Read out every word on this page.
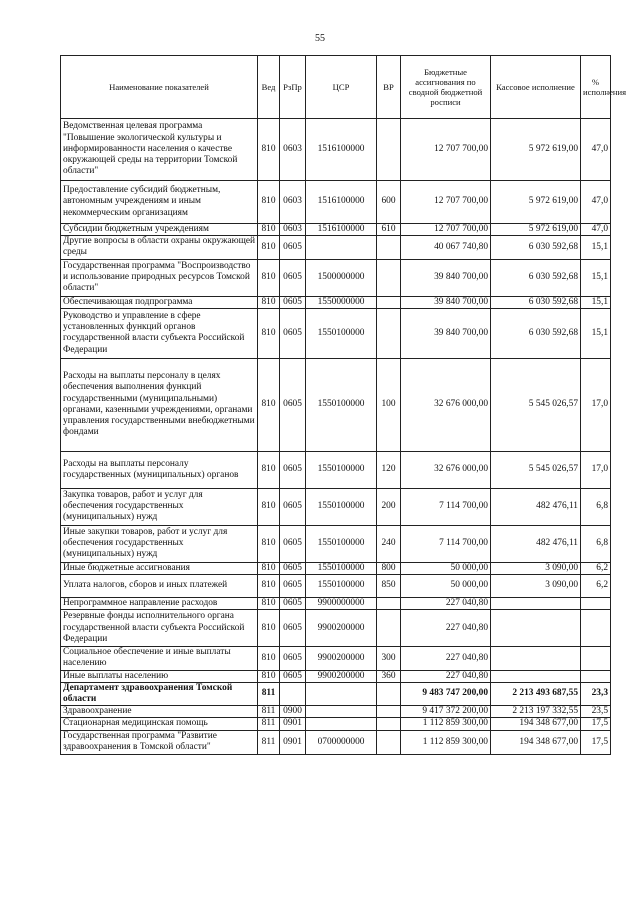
55
Наименование показателей	Вед	РзПр	ЦСР	ВР	Бюджетные ассигнования по сводной бюджетной росписи	Кассовое исполнение	% исполнения
Ведомственная целевая программа "Повышение экологической культуры и информированности населения о качестве окружающей среды на территории Томской области"	810	0603	1516100000		12 707 700,00	5 972 619,00	47,0
Предоставление субсидий бюджетным, автономным учреждениям и иным некоммерческим организациям	810	0603	1516100000	600	12 707 700,00	5 972 619,00	47,0
Субсидии бюджетным учреждениям	810	0603	1516100000	610	12 707 700,00	5 972 619,00	47,0
Другие вопросы в области охраны окружающей среды	810	0605			40 067 740,80	6 030 592,68	15,1
Государственная программа "Воспроизводство и использование природных ресурсов Томской области"	810	0605	1500000000		39 840 700,00	6 030 592,68	15,1
Обеспечивающая подпрограмма	810	0605	1550000000		39 840 700,00	6 030 592,68	15,1
Руководство и управление в сфере установленных функций органов государственной власти субъекта Российской Федерации	810	0605	1550100000		39 840 700,00	6 030 592,68	15,1
Расходы на выплаты персоналу в целях обеспечения выполнения функций государственными (муниципальными) органами, казенными учреждениями, органами управления государственными внебюджетными фондами	810	0605	1550100000	100	32 676 000,00	5 545 026,57	17,0
Расходы на выплаты персоналу государственных (муниципальных) органов	810	0605	1550100000	120	32 676 000,00	5 545 026,57	17,0
Закупка товаров, работ и услуг для обеспечения государственных (муниципальных) нужд	810	0605	1550100000	200	7 114 700,00	482 476,11	6,8
Иные закупки товаров, работ и услуг для обеспечения государственных (муниципальных) нужд	810	0605	1550100000	240	7 114 700,00	482 476,11	6,8
Иные бюджетные ассигнования	810	0605	1550100000	800	50 000,00	3 090,00	6,2
Уплата налогов, сборов и иных платежей	810	0605	1550100000	850	50 000,00	3 090,00	6,2
Непрограммное направление расходов	810	0605	9900000000		227 040,80		
Резервные фонды исполнительного органа государственной власти субъекта Российской Федерации	810	0605	9900200000		227 040,80		
Социальное обеспечение и иные выплаты населению	810	0605	9900200000	300	227 040,80		
Иные выплаты населению	810	0605	9900200000	360	227 040,80		
Департамент здравоохранения Томской области	811				9 483 747 200,00	2 213 493 687,55	23,3
Здравоохранение	811	0900			9 417 372 200,00	2 213 197 332,55	23,5
Стационарная медицинская помощь	811	0901			1 112 859 300,00	194 348 677,00	17,5
Государственная программа "Развитие здравоохранения в Томской области"	811	0901	0700000000		1 112 859 300,00	194 348 677,00	17,5
